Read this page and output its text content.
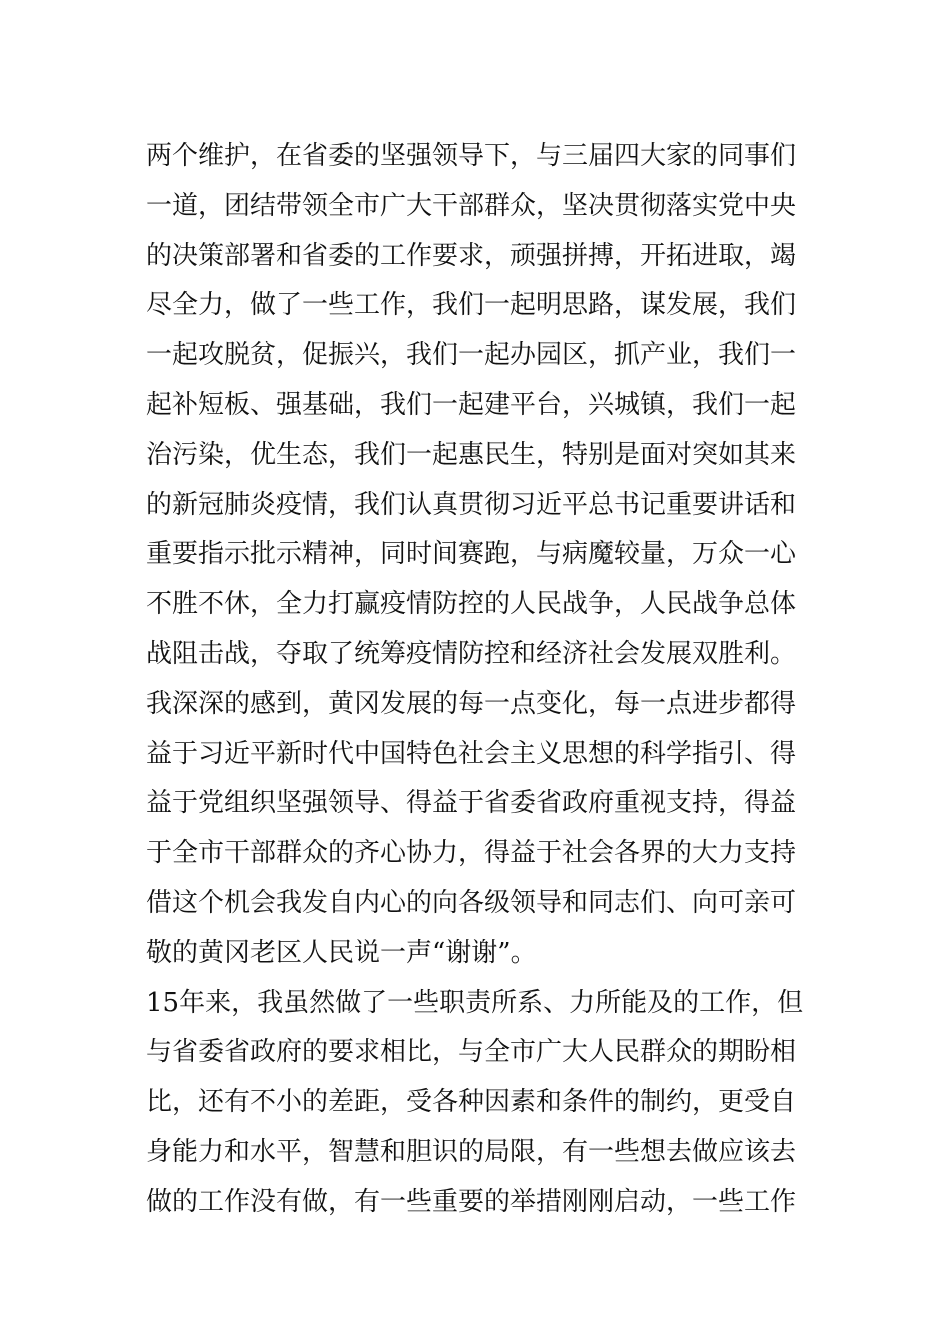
两个维护，在省委的坚强领导下，与三届四大家的同事们
一道，团结带领全市广大干部群众，坚决贯彻落实党中央
的决策部署和省委的工作要求，顽强拼搏，开拓进取，竭
尽全力，做了一些工作，我们一起明思路，谋发展，我们
一起攻脱贫，促振兴，我们一起办园区，抓产业，我们一
起补短板、强基础，我们一起建平台，兴城镇，我们一起
治污染，优生态，我们一起惠民生，特别是面对突如其来
的新冠肺炎疫情，我们认真贯彻习近平总书记重要讲话和
重要指示批示精神，同时间赛跑，与病魔较量，万众一心
不胜不休，全力打赢疫情防控的人民战争，人民战争总体
战阻击战，夺取了统筹疫情防控和经济社会发展双胜利。
我深深的感到，黄冈发展的每一点变化，每一点进步都得
益于习近平新时代中国特色社会主义思想的科学指引、得
益于党组织坚强领导、得益于省委省政府重视支持，得益
于全市干部群众的齐心协力，得益于社会各界的大力支持
借这个机会我发自内心的向各级领导和同志们、向可亲可
敬的黄冈老区人民说一声“谢谢”。
15年来，我虽然做了一些职责所系、力所能及的工作，但
与省委省政府的要求相比，与全市广大人民群众的期盼相
比，还有不小的差距，受各种因素和条件的制约，更受自
身能力和水平，智慧和胆识的局限，有一些想去做应该去
做的工作没有做，有一些重要的举措刚刚启动，一些工作
